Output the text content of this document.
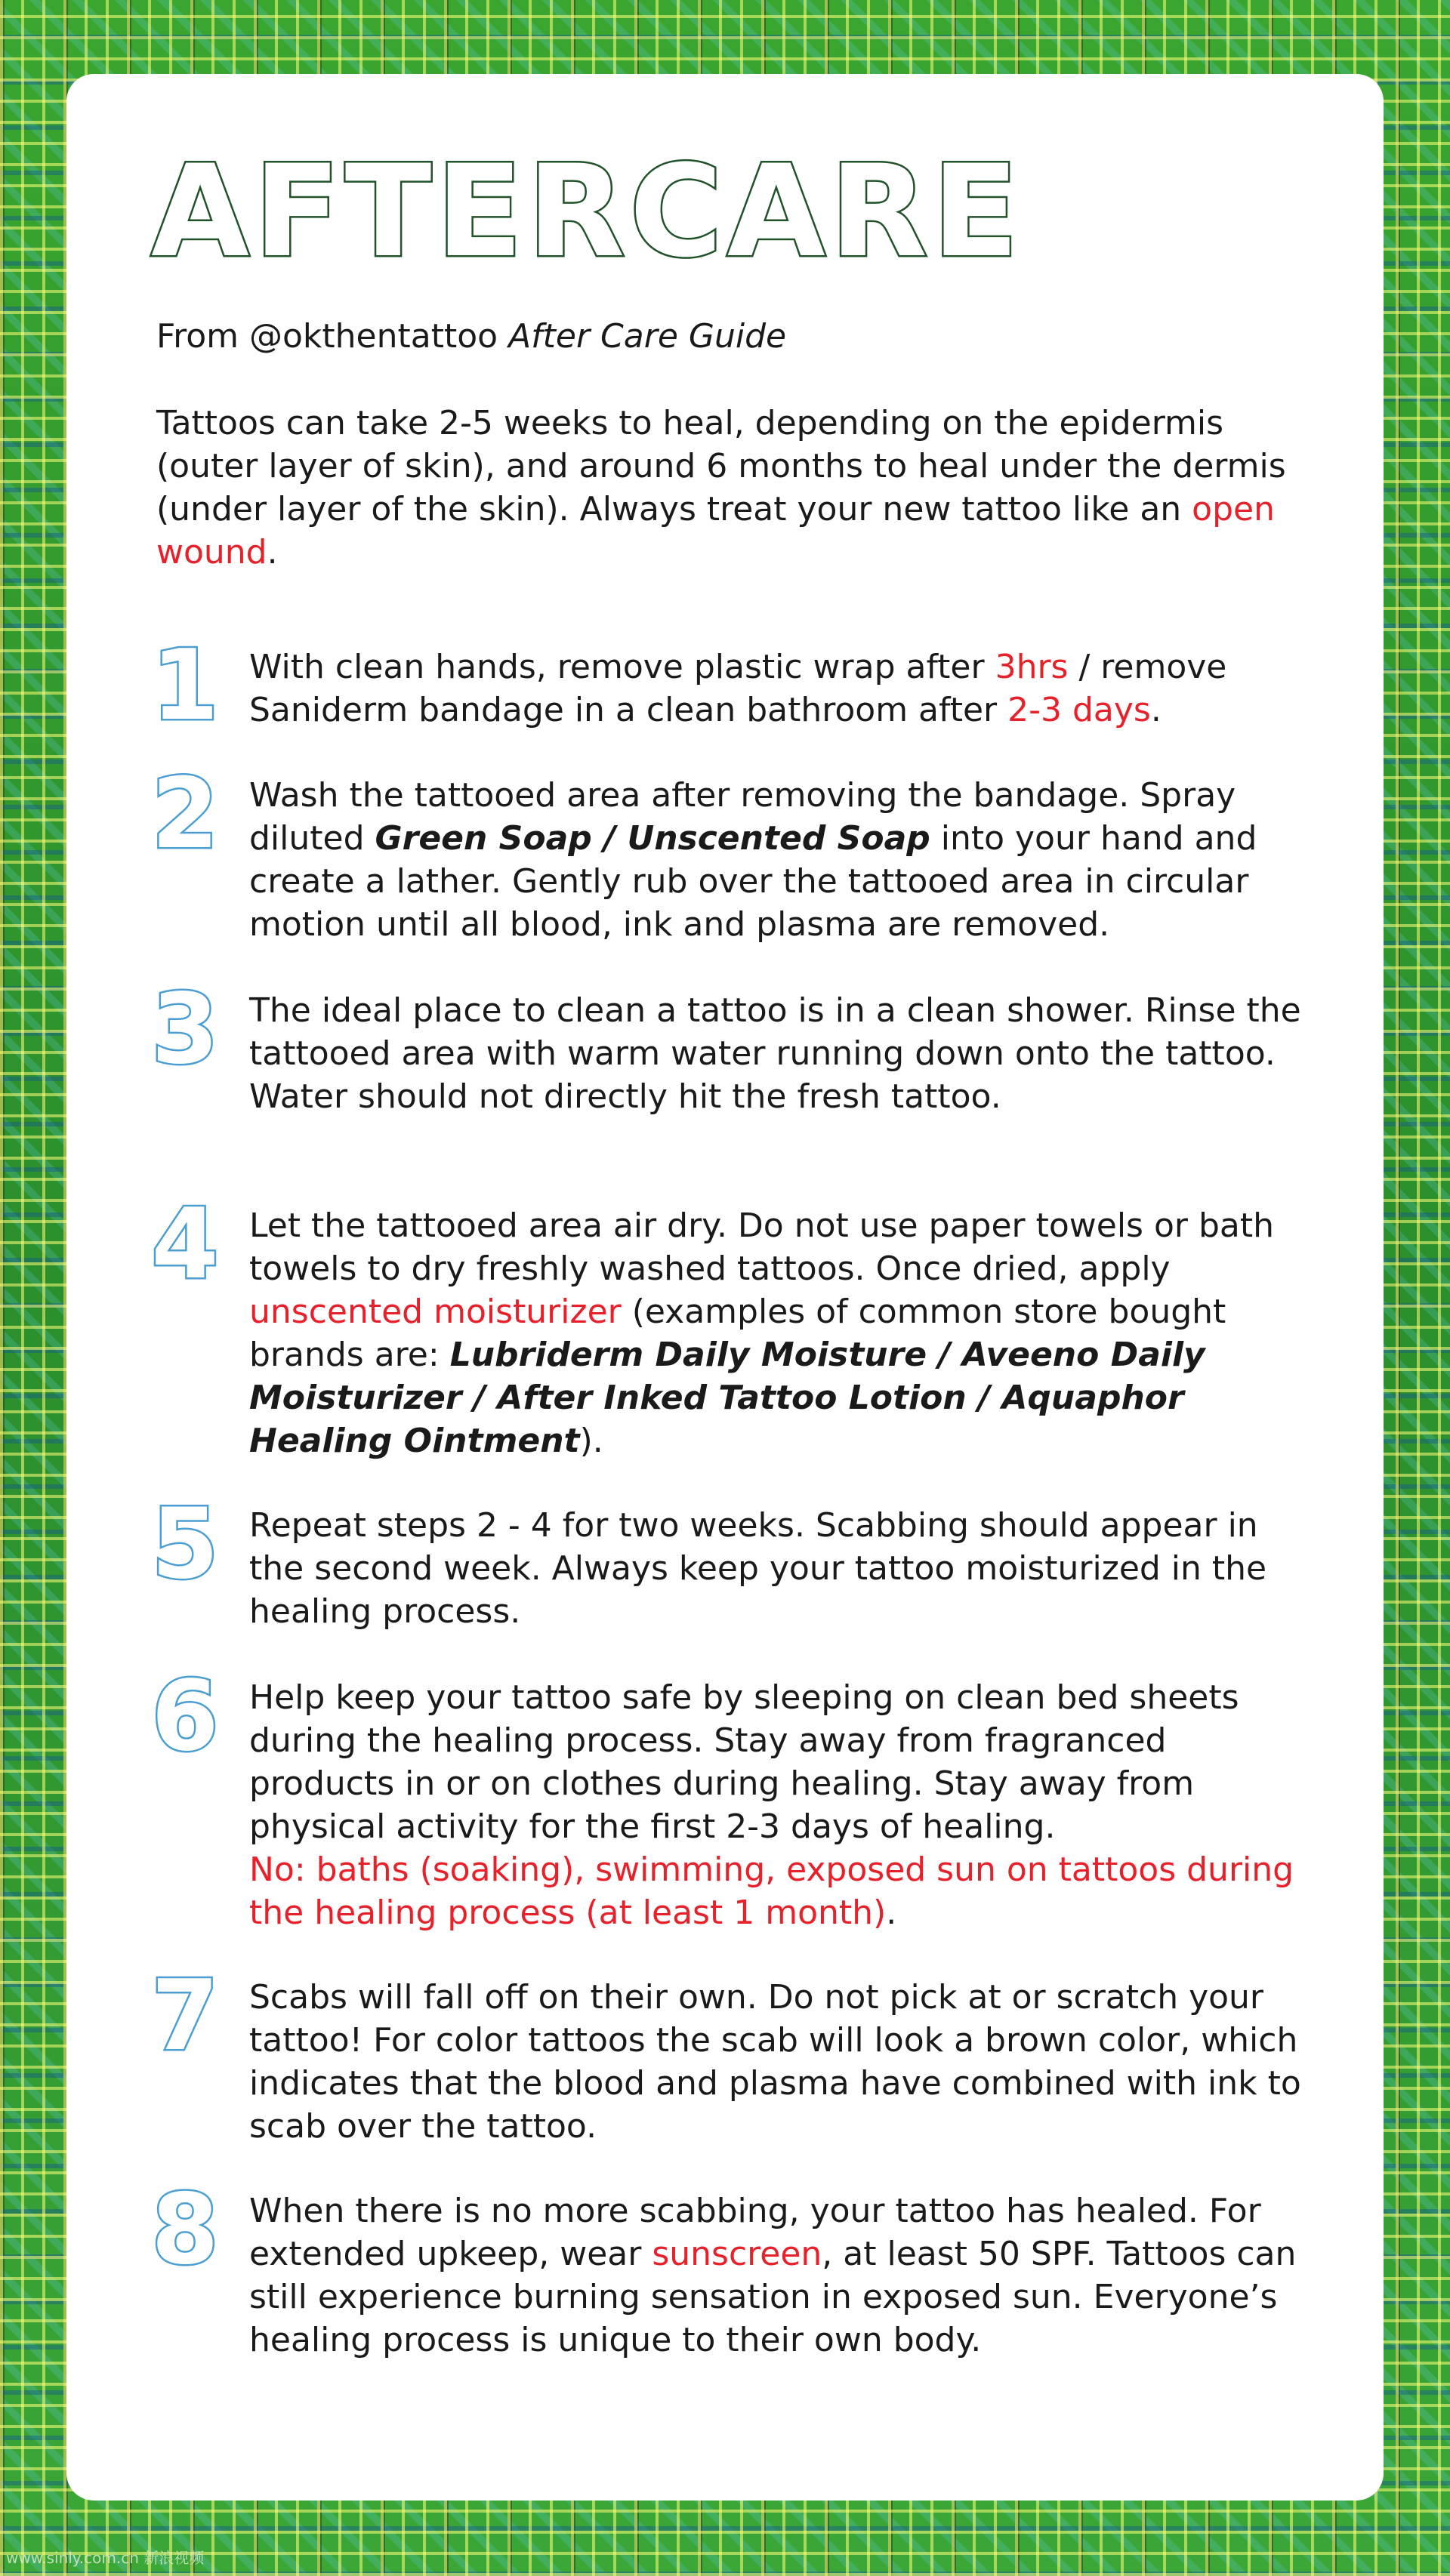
AFTERCARE

From @okthentattoo After Care Guide

Tattoos can take 2-5 weeks to heal, depending on the epidermis (outer layer of skin), and around 6 months to heal under the dermis (under layer of the skin). Always treat your new tattoo like an open wound.

1 With clean hands, remove plastic wrap after 3hrs / remove Saniderm bandage in a clean bathroom after 2-3 days.

2 Wash the tattooed area after removing the bandage. Spray diluted Green Soap / Unscented Soap into your hand and create a lather. Gently rub over the tattooed area in circular motion until all blood, ink and plasma are removed.

3 The ideal place to clean a tattoo is in a clean shower. Rinse the tattooed area with warm water running down onto the tattoo. Water should not directly hit the fresh tattoo.

4 Let the tattooed area air dry. Do not use paper towels or bath towels to dry freshly washed tattoos. Once dried, apply unscented moisturizer (examples of common store bought brands are: Lubriderm Daily Moisture / Aveeno Daily Moisturizer / After Inked Tattoo Lotion / Aquaphor Healing Ointment).

5 Repeat steps 2 - 4 for two weeks. Scabbing should appear in the second week. Always keep your tattoo moisturized in the healing process.

6 Help keep your tattoo safe by sleeping on clean bed sheets during the healing process. Stay away from fragranced products in or on clothes during healing. Stay away from physical activity for the first 2-3 days of healing.
No: baths (soaking), swimming, exposed sun on tattoos during the healing process (at least 1 month).

7 Scabs will fall off on their own. Do not pick at or scratch your tattoo! For color tattoos the scab will look a brown color, which indicates that the blood and plasma have combined with ink to scab over the tattoo.

8 When there is no more scabbing, your tattoo has healed. For extended upkeep, wear sunscreen, at least 50 SPF. Tattoos can still experience burning sensation in exposed sun. Everyone’s healing process is unique to their own body.

www.sinly.com.cn 新浪视频
